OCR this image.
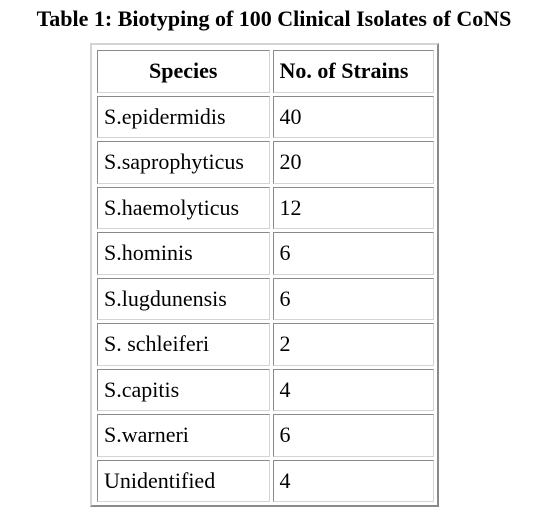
Table 1: Biotyping of 100 Clinical Isolates of CoNS
Species	No. of Strains
S.epidermidis	40
S.saprophyticus	20
S.haemolyticus	12
S.hominis	6
S.lugdunensis	6
S. schleiferi	2
S.capitis	4
S.warneri	6
Unidentified	4
